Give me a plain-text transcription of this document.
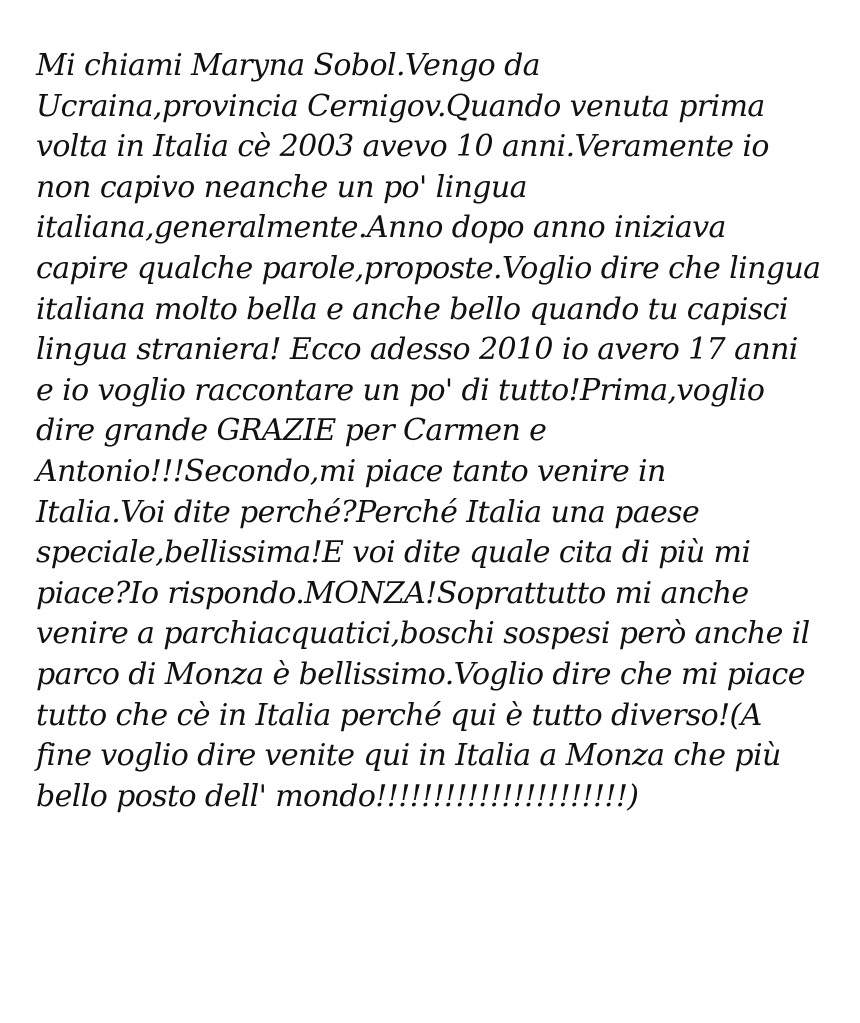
Mi chiami Maryna Sobol.Vengo da
Ucraina,provincia Cernigov.Quando venuta prima
volta in Italia cè 2003 avevo 10 anni.Veramente io
non capivo neanche un po' lingua
italiana,generalmente.Anno dopo anno iniziava
capire qualche parole,proposte.Voglio dire che lingua
italiana molto bella e anche bello quando tu capisci
lingua straniera! Ecco adesso 2010 io avero 17 anni
e io voglio raccontare un po' di tutto!Prima,voglio
dire grande GRAZIE per Carmen e
Antonio!!!Secondo,mi piace tanto venire in
Italia.Voi dite perché?Perché Italia una paese
speciale,bellissima!E voi dite quale cita di più mi
piace?Io rispondo.MONZA!Soprattutto mi anche
venire a parchiacquatici,boschi sospesi però anche il
parco di Monza è bellissimo.Voglio dire che mi piace
tutto che cè in Italia perché qui è tutto diverso!(A
fine voglio dire venite qui in Italia a Monza che più
bello posto dell' mondo!!!!!!!!!!!!!!!!!!!!!!)
